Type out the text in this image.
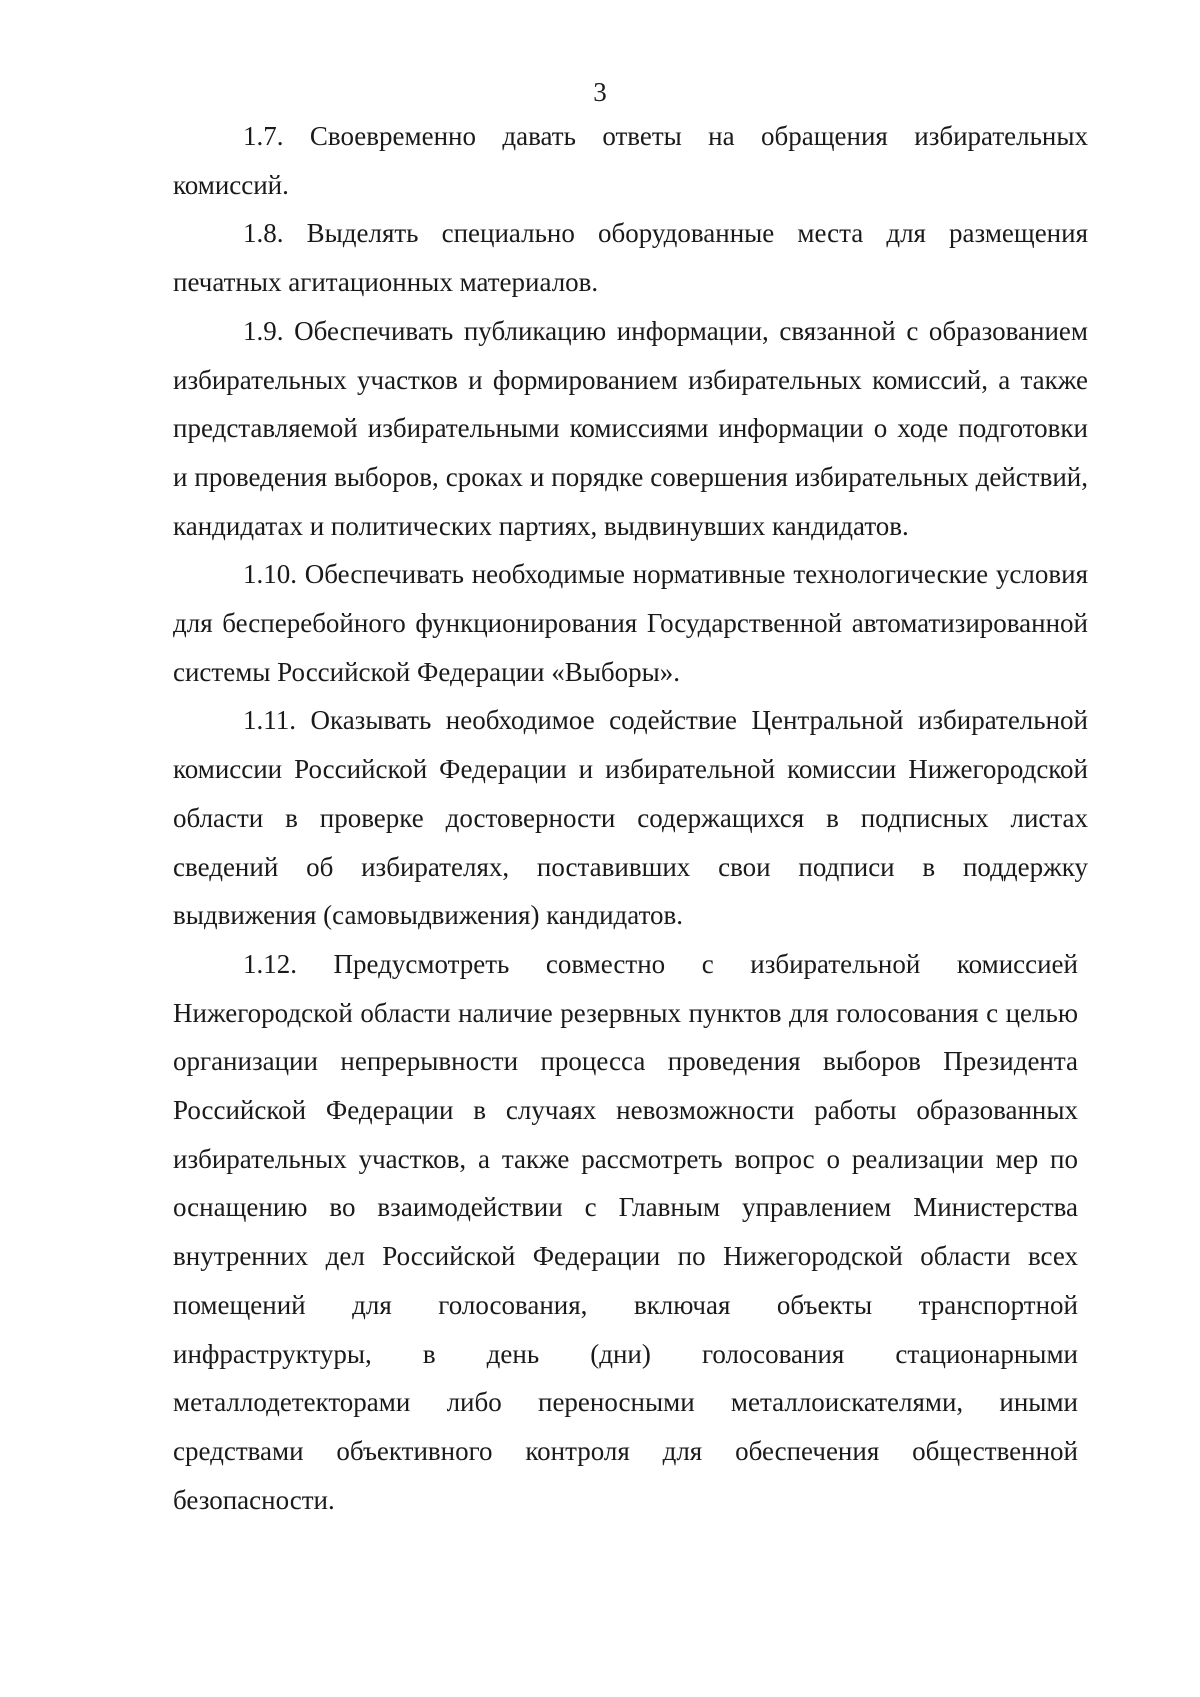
3

1.7. Своевременно давать ответы на обращения избирательных комиссий.

1.8. Выделять специально оборудованные места для размещения печатных агитационных материалов.

1.9. Обеспечивать публикацию информации, связанной с образованием избирательных участков и формированием избирательных комиссий, а также представляемой избирательными комиссиями информации о ходе подготовки и проведения выборов, сроках и порядке совершения избирательных действий, кандидатах и политических партиях, выдвинувших кандидатов.

1.10. Обеспечивать необходимые нормативные технологические условия для бесперебойного функционирования Государственной автоматизированной системы Российской Федерации «Выборы».

1.11. Оказывать необходимое содействие Центральной избирательной комиссии Российской Федерации и избирательной комиссии Нижегородской области в проверке достоверности содержащихся в подписных листах сведений об избирателях, поставивших свои подписи в поддержку выдвижения (самовыдвижения) кандидатов.

1.12. Предусмотреть совместно с избирательной комиссией Нижегородской области наличие резервных пунктов для голосования с целью организации непрерывности процесса проведения выборов Президента Российской Федерации в случаях невозможности работы образованных избирательных участков, а также рассмотреть вопрос о реализации мер по оснащению во взаимодействии с Главным управлением Министерства внутренних дел Российской Федерации по Нижегородской области всех помещений для голосования, включая объекты транспортной инфраструктуры, в день (дни) голосования стационарными металлодетекторами либо переносными металлоискателями, иными средствами объективного контроля для обеспечения общественной безопасности.
